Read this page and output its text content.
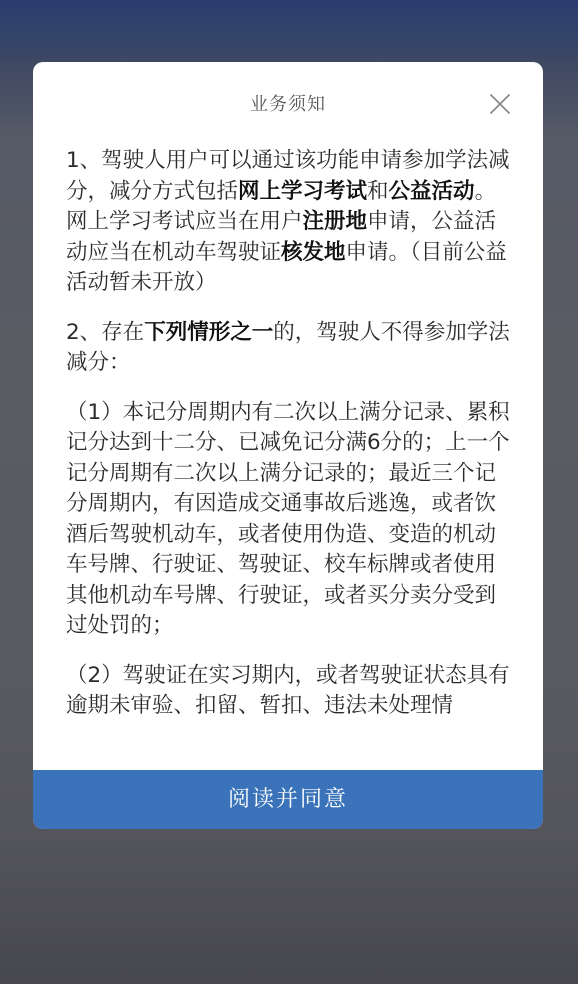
业务须知

1、驾驶人用户可以通过该功能申请参加学法减分，减分方式包括网上学习考试和公益活动。网上学习考试应当在用户注册地申请，公益活动应当在机动车驾驶证核发地申请。（目前公益活动暂未开放）

2、存在下列情形之一的，驾驶人不得参加学法减分：

（1）本记分周期内有二次以上满分记录、累积记分达到十二分、已减免记分满6分的；上一个记分周期有二次以上满分记录的；最近三个记分周期内，有因造成交通事故后逃逸，或者饮酒后驾驶机动车，或者使用伪造、变造的机动车号牌、行驶证、驾驶证、校车标牌或者使用其他机动车号牌、行驶证，或者买分卖分受到过处罚的；

（2）驾驶证在实习期内，或者驾驶证状态具有逾期未审验、扣留、暂扣、违法未处理情

阅读并同意
